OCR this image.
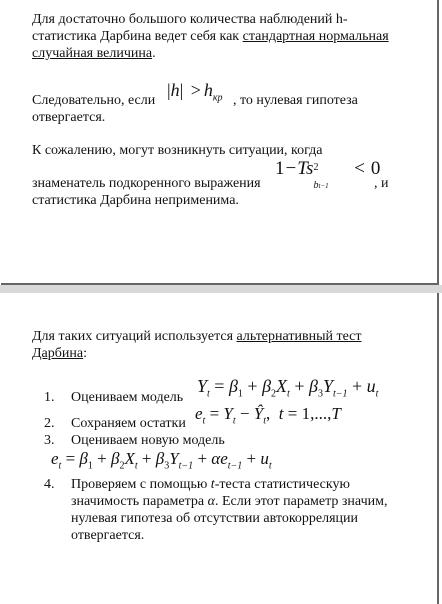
Для достаточно большого количества наблюдений h-
статистика Дарбина ведет себя как стандартная нормальная
случайная величина.
Следовательно, если
$|h| > h_{кр}$ , то нулевая гипотеза
отвергается.
К сожалению, могут возникнуть ситуации, когда
знаменатель подкоренного выражения
1−Ts 2
bt−1
< 0
, и
статистика Дарбина неприменима.
Для таких ситуаций используется альтернативный тест
Дарбина:
1. Оцениваем модель
$Y_t = \beta_1 + \beta_2X_t + \beta_3Y_{t-1} + u_t$
2. Сохраняем остатки
$e_t = Y_t$ − $Ŷ_t$,  t = 1,...,T
3. Оцениваем новую модель
$e_t = \beta_1 + \beta_2X_t + \beta_3Y_{t-1} + \alpha e_{t-1} + u_t$
4. Проверяем с помощью t-теста статистическую
значимость параметра α. Если этот параметр значим,
нулевая гипотеза об отсутствии автокорреляции
отвергается.
